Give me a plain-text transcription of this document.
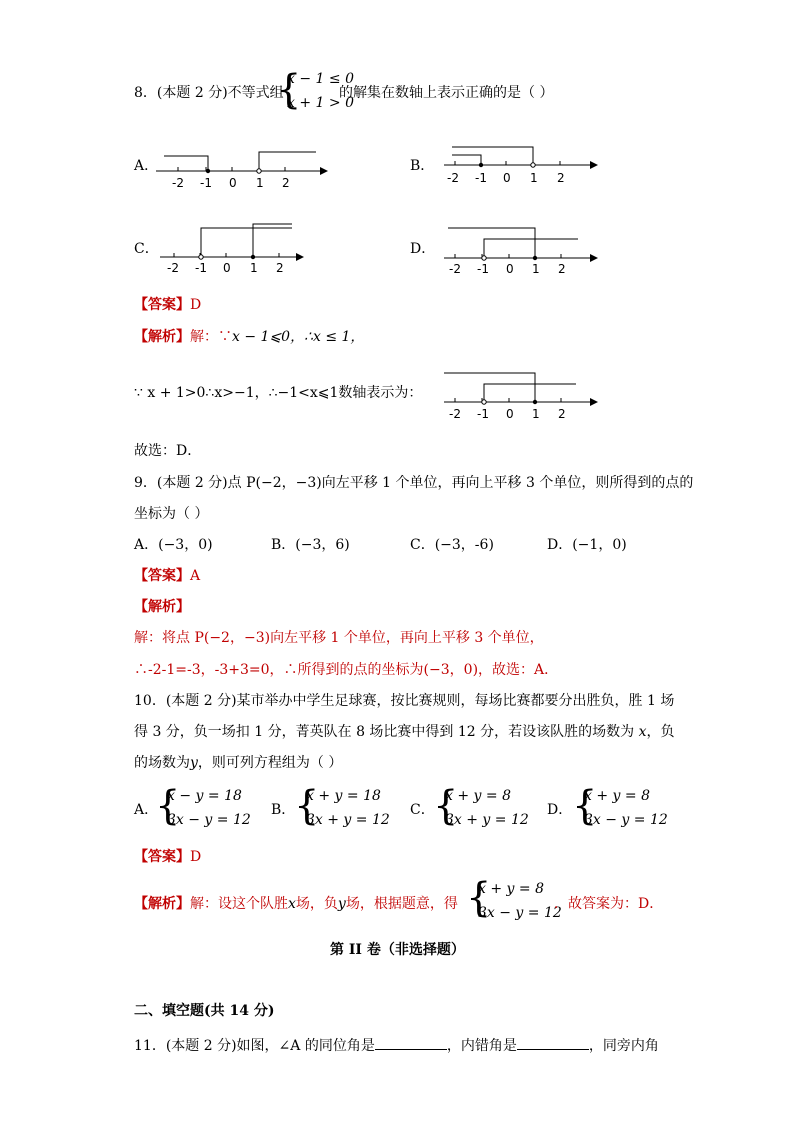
8．(本题 2 分)不等式组
{
x − 1 ≤ 0
x + 1 > 0
的解集在数轴上表示正确的是（ ）
A．
-2 -1 0 1 2
B．
-2 -1 0 1 2
C．
-2 -1 0 1 2
D．
-2 -1 0 1 2
【答案】D
【解析】解：∵x − 1⩽0，∴x ≤ 1，
∵ x + 1>0∴x>−1，∴−1<x⩽1数轴表示为：
-2 -1 0 1 2
故选：D．
9．(本题 2 分)点 P(−2，−3)向左平移 1 个单位，再向上平移 3 个单位，则所得到的点的
坐标为（ ）
A．(−3，0)	B．(−3，6)	C．(−3，-6)	D．(−1，0)
【答案】A
【解析】
解：将点 P(−2，−3)向左平移 1 个单位，再向上平移 3 个单位，
∴-2-1=-3，-3+3=0，∴所得到的点的坐标为(−3，0)，故选：A．
10．(本题 2 分)某市举办中学生足球赛，按比赛规则，每场比赛都要分出胜负，胜 1 场
得 3 分，负一场扣 1 分，菁英队在 8 场比赛中得到 12 分，若设该队胜的场数为 x，负
的场数为y，则可列方程组为（ ）
A．
{
x − y = 18
3x − y = 12
B．
{
x + y = 18
3x + y = 12
C．
{
x + y = 8
3x + y = 12
D． {
x + y = 8
3x − y = 12
【答案】D
【解析】解：设这个队胜x场，负y场，根据题意，得 {
x + y = 8
3x − y = 12
．故答案为：D．
第 II 卷（非选择题）
二、填空题(共 14 分)
11．(本题 2 分)如图，∠A 的同位角是	，内错角是	，同旁内角
